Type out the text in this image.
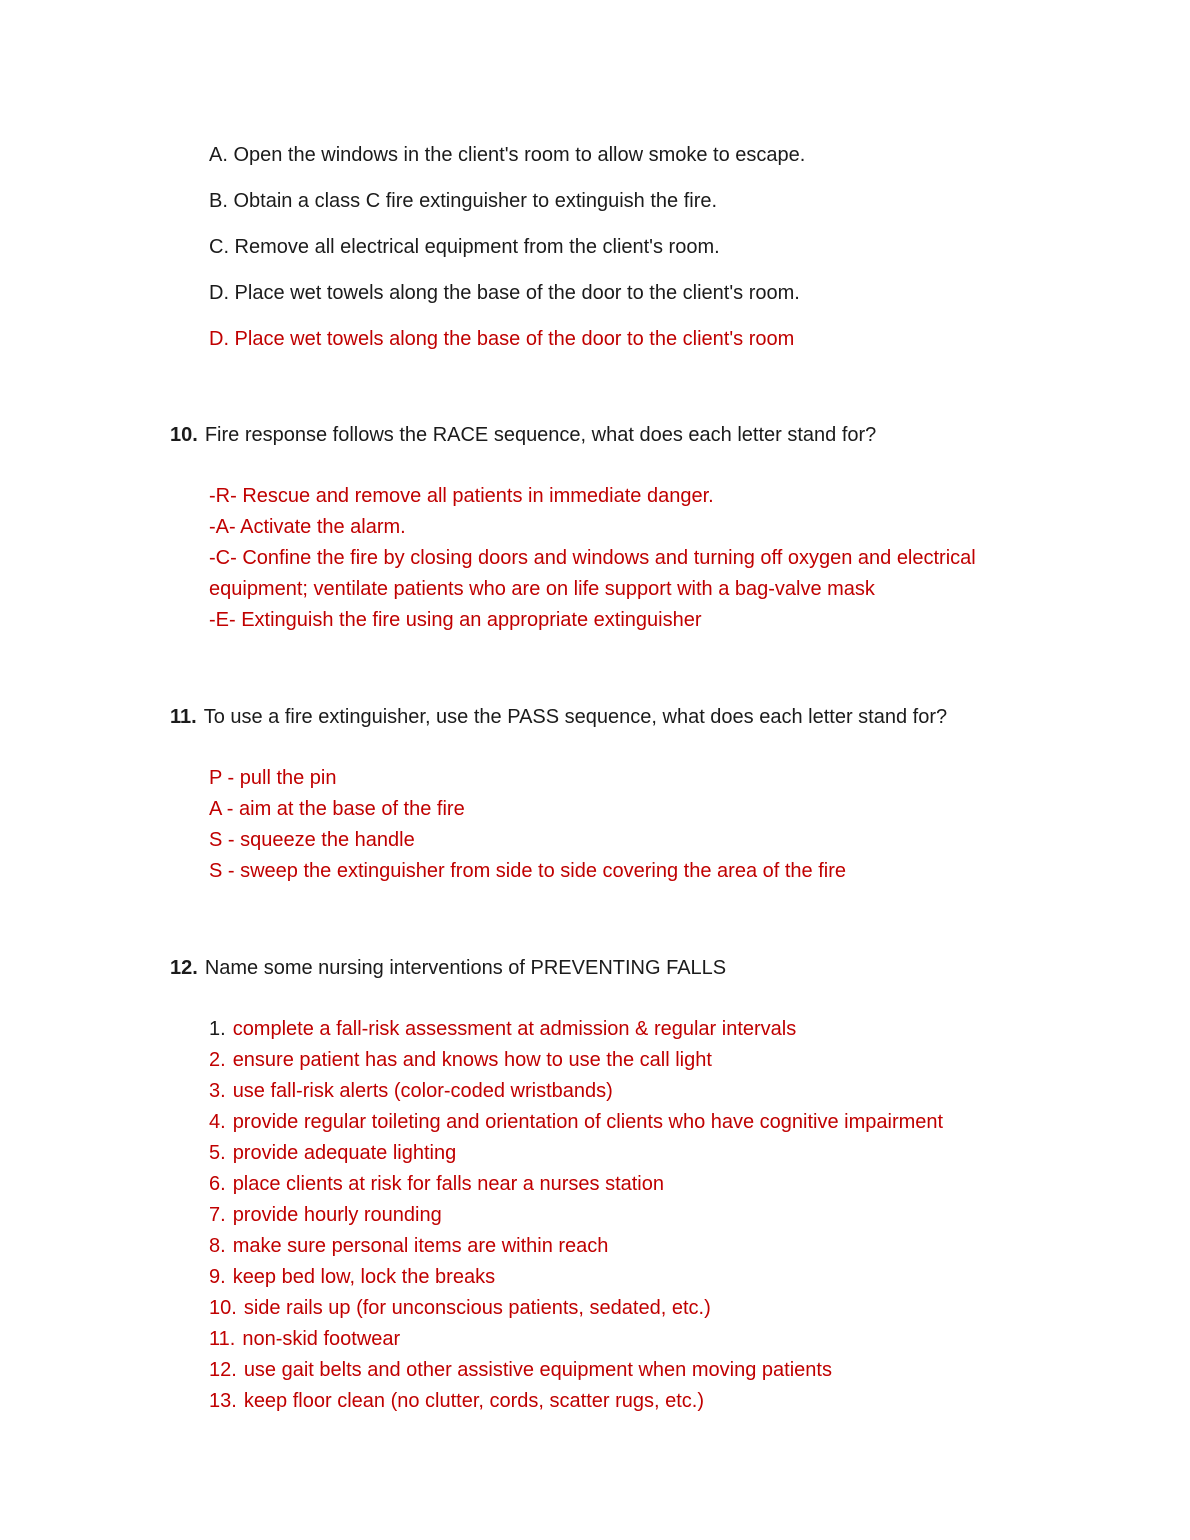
A. Open the windows in the client's room to allow smoke to escape.
B. Obtain a class C fire extinguisher to extinguish the fire.
C. Remove all electrical equipment from the client's room.
D. Place wet towels along the base of the door to the client's room.
D. Place wet towels along the base of the door to the client's room
10. Fire response follows the RACE sequence, what does each letter stand for?
-R- Rescue and remove all patients in immediate danger.
-A- Activate the alarm.
-C- Confine the fire by closing doors and windows and turning off oxygen and electrical equipment; ventilate patients who are on life support with a bag-valve mask
-E- Extinguish the fire using an appropriate extinguisher
11. To use a fire extinguisher, use the PASS sequence, what does each letter stand for?
P - pull the pin
A - aim at the base of the fire
S - squeeze the handle
S - sweep the extinguisher from side to side covering the area of the fire
12. Name some nursing interventions of PREVENTING FALLS
1. complete a fall-risk assessment at admission & regular intervals
2. ensure patient has and knows how to use the call light
3. use fall-risk alerts (color-coded wristbands)
4. provide regular toileting and orientation of clients who have cognitive impairment
5. provide adequate lighting
6. place clients at risk for falls near a nurses station
7. provide hourly rounding
8. make sure personal items are within reach
9. keep bed low, lock the breaks
10. side rails up (for unconscious patients, sedated, etc.)
11. non-skid footwear
12. use gait belts and other assistive equipment when moving patients
13. keep floor clean (no clutter, cords, scatter rugs, etc.)
